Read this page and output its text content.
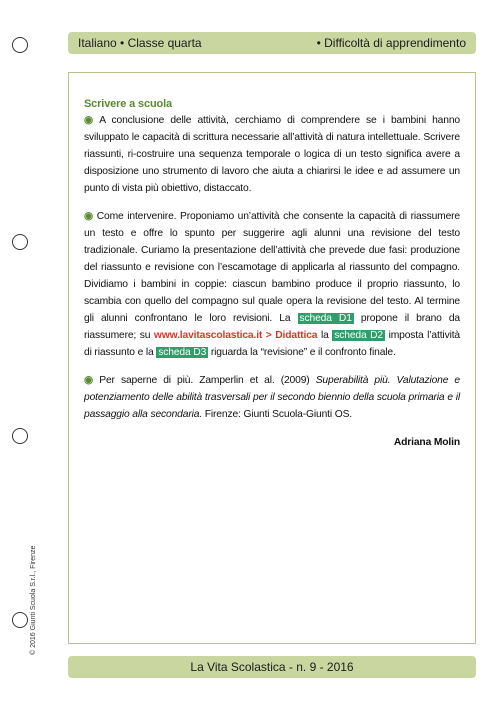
Italiano • Classe quarta	• Difficoltà di apprendimento
Scrivere a scuola

◉ A conclusione delle attività, cerchiamo di comprendere se i bambini hanno sviluppato le capacità di scrittura necessarie all’attività di natura intellettuale. Scrivere riassunti, ri-costruire una sequenza temporale o logica di un testo significa avere a disposizione uno strumento di lavoro che aiuta a chiarirsi le idee e ad assumere un punto di vista più obiettivo, distaccato.

◉ Come intervenire. Proponiamo un’attività che consente la capacità di riassumere un testo e offre lo spunto per suggerire agli alunni una revisione del testo tradizionale. Curiamo la presentazione dell’attività che prevede due fasi: produzione del riassunto e revisione con l’escamotage di applicarla al riassunto del compagno. Dividiamo i bambini in coppie: ciascun bambino produce il proprio riassunto, lo scambia con quello del compagno sul quale opera la revisione del testo. Al termine gli alunni confrontano le loro revisioni. La scheda D1 propone il brano da riassumere; su www.lavitascolastica.it > Didattica la scheda D2 imposta l’attività di riassunto e la scheda D3 riguarda la “revisione” e il confronto finale.

◉ Per saperne di più. Zamperlin et al. (2009) Superabilità più. Valutazione e potenziamento delle abilità trasversali per il secondo biennio della scuola primaria e il passaggio alla secondaria. Firenze: Giunti Scuola-Giunti OS.

Adriana Molin
© 2016 Giunti Scuola S.r.l., Firenze
La Vita Scolastica - n. 9 - 2016
